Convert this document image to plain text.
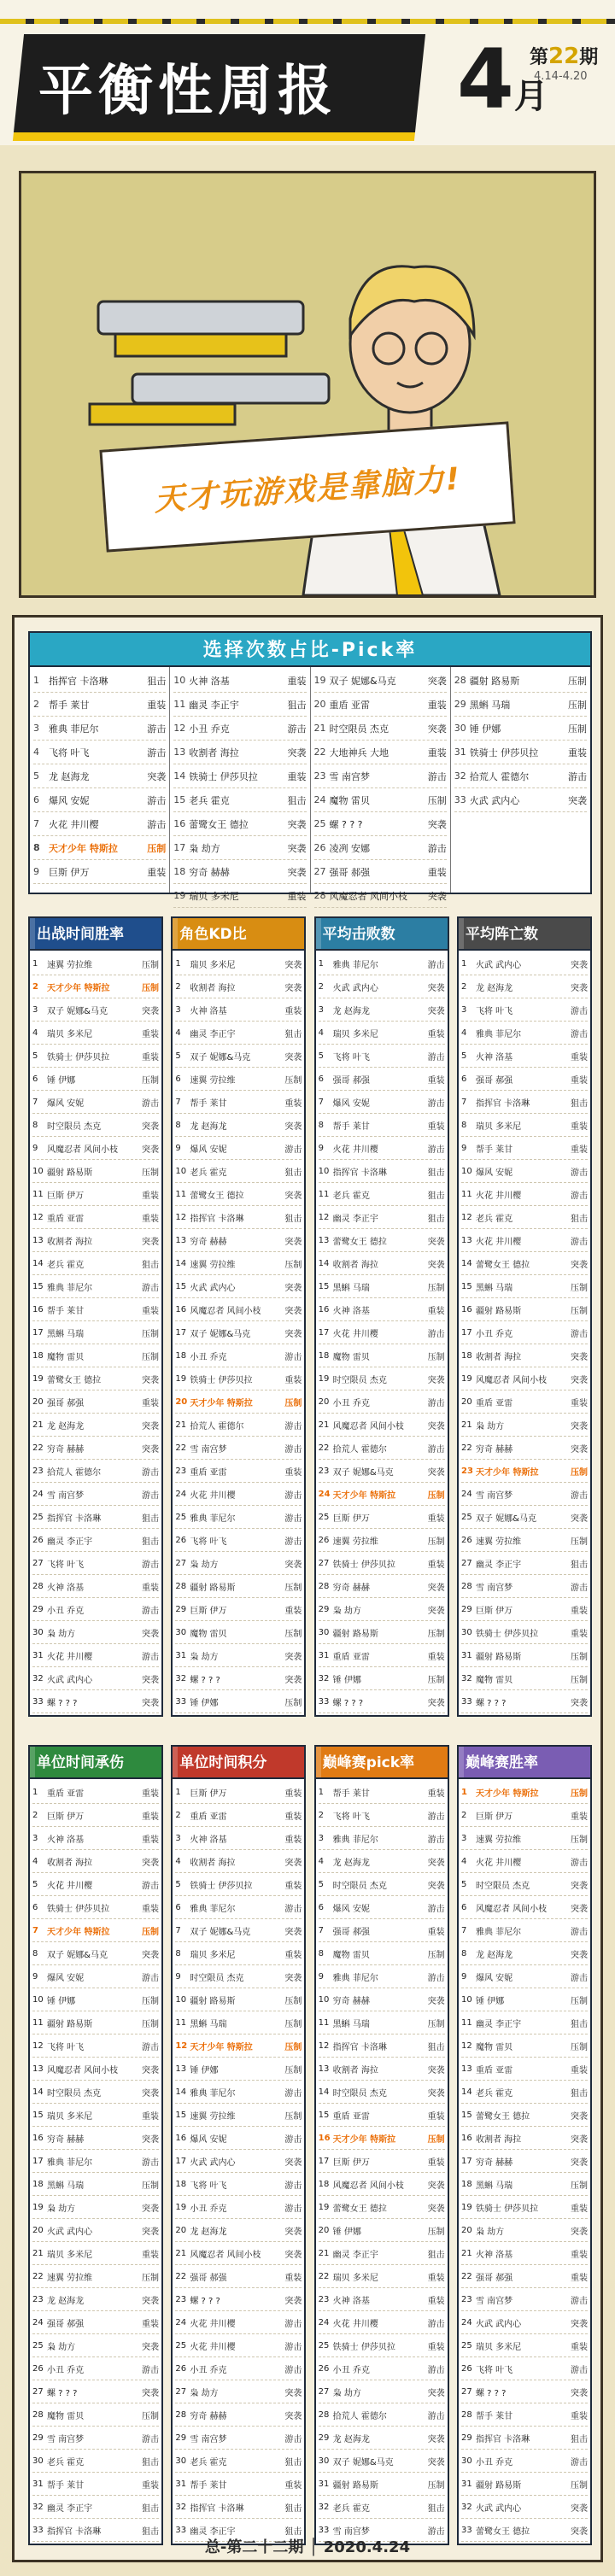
平衡性周报 4月
第22期
4.14-4.20
天才玩游戏是靠脑力!
选择次数占比-Pick率
1	指挥官 卡洛琳	狙击
2	帮手 莱甘	重装
3	雅典 菲尼尔	游击
4	飞将 叶飞	游击
5	龙 赵海龙	突袭
6	爆风 安妮	游击
7	火花 井川樱	游击
8 天才少年 特斯拉	压制
9	巨斯 伊万	重装
10 火神 洛基	重装
11 幽灵 李正宇	狙击
12 小丑 乔克	游击
13 收割者 海拉	突袭
14 铁骑士 伊莎贝拉	重装
15 老兵 霍克	狙击
16 蕾鹭女王 德拉	突袭
17 枭 劫方	突袭
18 穷奇 赫赫	突袭
19 瑞贝 多米尼	重装
19 双子 妮娜&马克	突袭
20 重盾 亚雷	重装
21 时空限员 杰克	突袭
22 大地神兵 大地	重装
23 雪 南宫梦	游击
24 魔物 雷贝	压制
25 螺 ? ? ?	突袭
26 凌冽 安娜	游击
27 强哥 郝强	重装
28 风魔忍者 风间小枝	突袭
28 疆射 路易斯	压制
29 黑蝌 马瑞	压制
30 锤 伊娜	压制
31 铁骑士 伊莎贝拉	重装
32 拾荒人 霍德尔	游击
33 火武 武内心	突袭
出战时间胜率
1	速翼 劳拉维	压制
2	天才少年 特斯拉	压制
3	双子 妮娜&马克	突袭
4	瑞贝 多米尼	重装
5	铁骑士 伊莎贝拉	重装
6	锤 伊娜	压制
7	爆风 安妮	游击
8	时空限员 杰克	突袭
9	风魔忍者 风间小枝	突袭
10 疆射 路易斯	压制
11 巨斯 伊万	重装
12 重盾 亚雷	重装
13 收割者 海拉	突袭
14 老兵 霍克	狙击
15 雅典 菲尼尔	游击
16 帮手 莱甘	重装
17 黑蝌 马瑞	压制
18 魔物 雷贝	压制
19 蕾鹭女王 德拉	突袭
20 强哥 郝强	重装
21 龙 赵海龙	突袭
22 穷奇 赫赫	突袭
23 拾荒人 霍德尔	游击
24 雪 南宫梦	游击
25 指挥官 卡洛琳	狙击
26 幽灵 李正宇	狙击
27 飞将 叶飞	游击
28 火神 洛基	重装
29 小丑 乔克	游击
30 枭 劫方	突袭
31 火花 井川樱	游击
32 火武 武内心	突袭
33 螺 ? ? ?	突袭
角色KD比
1	瑞贝 多米尼	突袭
2	收割者 海拉	突袭
3	火神 洛基	重装
4	幽灵 李正宇	狙击
5	双子 妮娜&马克	突袭
6	速翼 劳拉维	压制
7	帮手 莱甘	重装
8	龙 赵海龙	突袭
9	爆风 安妮	游击
10 老兵 霍克	狙击
11 蕾鹭女王 德拉	突袭
12 指挥官 卡洛琳	狙击
13 穷奇 赫赫	突袭
14 速翼 劳拉维	压制
15 火武 武内心	突袭
16 风魔忍者 风间小枝	突袭
17 双子 妮娜&马克	突袭
18 小丑 乔克	游击
19 铁骑士 伊莎贝拉	重装
20 天才少年 特斯拉	压制
21 拾荒人 霍德尔	游击
22 雪 南宫梦	游击
23 重盾 亚雷	重装
24 火花 井川樱	游击
25 雅典 菲尼尔	游击
26 飞将 叶飞	游击
27 枭 劫方	突袭
28 疆射 路易斯	压制
29 巨斯 伊万	重装
30 魔物 雷贝	压制
31 枭 劫方	突袭
32 螺 ? ? ?	突袭
33 锤 伊娜	压制
平均击败数
1	雅典 菲尼尔	游击
2	火武 武内心	突袭
3	龙 赵海龙	突袭
4	瑞贝 多米尼	重装
5	飞将 叶飞	游击
6	强哥 郝强	重装
7	爆风 安妮	游击
8	帮手 莱甘	重装
9	火花 井川樱	游击
10 指挥官 卡洛琳	狙击
11 老兵 霍克	狙击
12 幽灵 李正宇	狙击
13 蕾鹭女王 德拉	突袭
14 收割者 海拉	突袭
15 黑蝌 马瑞	压制
16 火神 洛基	重装
17 火花 井川樱	游击
18 魔物 雷贝	压制
19 时空限员 杰克	突袭
20 小丑 乔克	游击
21 风魔忍者 风间小枝	突袭
22 拾荒人 霍德尔	游击
23 双子 妮娜&马克	突袭
24 天才少年 特斯拉	压制
25 巨斯 伊万	重装
26 速翼 劳拉维	压制
27 铁骑士 伊莎贝拉	重装
28 穷奇 赫赫	突袭
29 枭 劫方	突袭
30 疆射 路易斯	压制
31 重盾 亚雷	重装
32 锤 伊娜	压制
33 螺 ? ? ?	突袭
平均阵亡数
1	火武 武内心	突袭
2	龙 赵海龙	突袭
3	飞将 叶飞	游击
4	雅典 菲尼尔	游击
5	火神 洛基	重装
6	强哥 郝强	重装
7	指挥官 卡洛琳	狙击
8	瑞贝 多米尼	重装
9	帮手 莱甘	重装
10 爆风 安妮	游击
11 火花 井川樱	游击
12 老兵 霍克	狙击
13 火花 井川樱	游击
14 蕾鹭女王 德拉	突袭
15 黑蝌 马瑞	压制
16 疆射 路易斯	压制
17 小丑 乔克	游击
18 收割者 海拉	突袭
19 风魔忍者 风间小枝	突袭
20 重盾 亚雷	重装
21 枭 劫方	突袭
22 穷奇 赫赫	突袭
23 天才少年 特斯拉	压制
24 雪 南宫梦	游击
25 双子 妮娜&马克	突袭
26 速翼 劳拉维	压制
27 幽灵 李正宇	狙击
28 雪 南宫梦	游击
29 巨斯 伊万	重装
30 铁骑士 伊莎贝拉	重装
31 疆射 路易斯	压制
32 魔物 雷贝	压制
33 螺 ? ? ?	突袭
单位时间承伤
1	重盾 亚雷	重装
2	巨斯 伊万	重装
3	火神 洛基	重装
4	收割者 海拉	突袭
5	火花 井川樱	游击
6	铁骑士 伊莎贝拉	重装
7	天才少年 特斯拉	压制
8	双子 妮娜&马克	突袭
9	爆风 安妮	游击
10 锤 伊娜	压制
11 疆射 路易斯	压制
12 飞将 叶飞	游击
13 风魔忍者 风间小枝	突袭
14 时空限员 杰克	突袭
15 瑞贝 多米尼	重装
16 穷奇 赫赫	突袭
17 雅典 菲尼尔	游击
18 黑蝌 马瑞	压制
19 枭 劫方	突袭
20 火武 武内心	突袭
21 瑞贝 多米尼	重装
22 速翼 劳拉维	压制
23 龙 赵海龙	突袭
24 强哥 郝强	重装
25 枭 劫方	突袭
26 小丑 乔克	游击
27 螺 ? ? ?	突袭
28 魔物 雷贝	压制
29 雪 南宫梦	游击
30 老兵 霍克	狙击
31 帮手 莱甘	重装
32 幽灵 李正宇	狙击
33 指挥官 卡洛琳	狙击
单位时间积分
1	巨斯 伊万	重装
2	重盾 亚雷	重装
3	火神 洛基	重装
4	收割者 海拉	突袭
5	铁骑士 伊莎贝拉	重装
6	雅典 菲尼尔	游击
7	双子 妮娜&马克	突袭
8	瑞贝 多米尼	重装
9	时空限员 杰克	突袭
10 疆射 路易斯	压制
11 黑蝌 马瑞	压制
12 天才少年 特斯拉	压制
13 锤 伊娜	压制
14 雅典 菲尼尔	游击
15 速翼 劳拉维	压制
16 爆风 安妮	游击
17 火武 武内心	突袭
18 飞将 叶飞	游击
19 小丑 乔克	游击
20 龙 赵海龙	突袭
21 风魔忍者 风间小枝	突袭
22 强哥 郝强	重装
23 螺 ? ? ?	突袭
24 火花 井川樱	游击
25 火花 井川樱	游击
26 小丑 乔克	游击
27 枭 劫方	突袭
28 穷奇 赫赫	突袭
29 雪 南宫梦	游击
30 老兵 霍克	狙击
31 帮手 莱甘	重装
32 指挥官 卡洛琳	狙击
33 幽灵 李正宇	狙击
巅峰赛pick率
1	帮手 莱甘	重装
2	飞将 叶飞	游击
3	雅典 菲尼尔	游击
4	龙 赵海龙	突袭
5	时空限员 杰克	突袭
6	爆风 安妮	游击
7	强哥 郝强	重装
8	魔物 雷贝	压制
9	雅典 菲尼尔	游击
10 穷奇 赫赫	突袭
11 黑蝌 马瑞	压制
12 指挥官 卡洛琳	狙击
13 收割者 海拉	突袭
14 时空限员 杰克	突袭
15 重盾 亚雷	重装
16 天才少年 特斯拉	压制
17 巨斯 伊万	重装
18 风魔忍者 风间小枝	突袭
19 蕾鹭女王 德拉	突袭
20 锤 伊娜	压制
21 幽灵 李正宇	狙击
22 瑞贝 多米尼	重装
23 火神 洛基	重装
24 火花 井川樱	游击
25 铁骑士 伊莎贝拉	重装
26 小丑 乔克	游击
27 枭 劫方	突袭
28 拾荒人 霍德尔	游击
29 龙 赵海龙	突袭
30 双子 妮娜&马克	突袭
31 疆射 路易斯	压制
32 老兵 霍克	狙击
33 雪 南宫梦	游击
巅峰赛胜率
1	天才少年 特斯拉	压制
2	巨斯 伊万	重装
3	速翼 劳拉维	压制
4	火花 井川樱	游击
5	时空限员 杰克	突袭
6	风魔忍者 风间小枝	突袭
7	雅典 菲尼尔	游击
8	龙 赵海龙	突袭
9	爆风 安妮	游击
10 锤 伊娜	压制
11 幽灵 李正宇	狙击
12 魔物 雷贝	压制
13 重盾 亚雷	重装
14 老兵 霍克	狙击
15 蕾鹭女王 德拉	突袭
16 收割者 海拉	突袭
17 穷奇 赫赫	突袭
18 黑蝌 马瑞	压制
19 铁骑士 伊莎贝拉	重装
20 枭 劫方	突袭
21 火神 洛基	重装
22 强哥 郝强	重装
23 雪 南宫梦	游击
24 火武 武内心	突袭
25 瑞贝 多米尼	重装
26 飞将 叶飞	游击
27 螺 ? ? ?	突袭
28 帮手 莱甘	重装
29 指挥官 卡洛琳	狙击
30 小丑 乔克	游击
31 疆射 路易斯	压制
32 火武 武内心	突袭
33 蕾鹭女王 德拉	突袭
总-第二十二期 │ 2020.4.24
